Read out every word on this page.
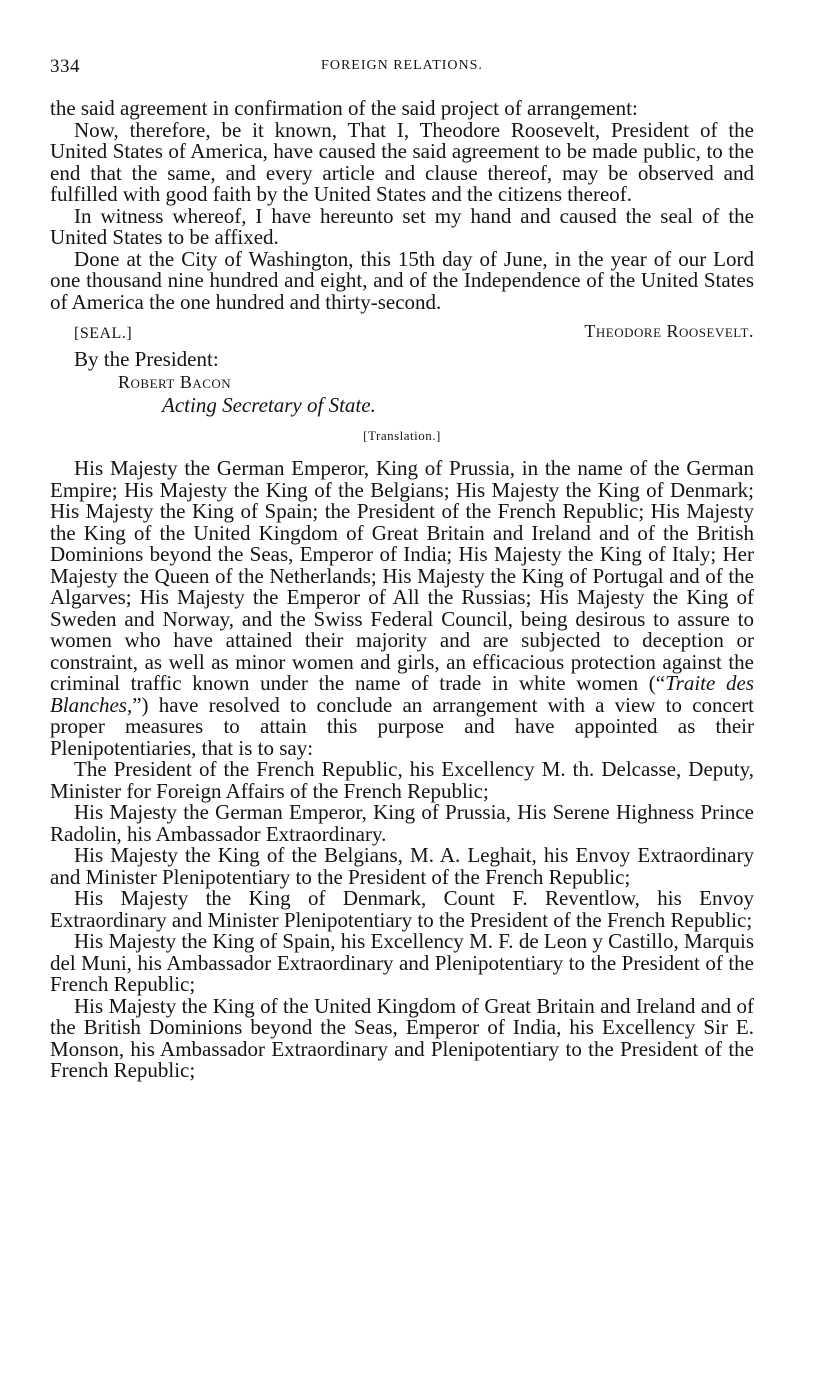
334	FOREIGN RELATIONS.

the said agreement in confirmation of the said project of arrangement:

Now, therefore, be it known, That I, Theodore Roosevelt, President of the United States of America, have caused the said agreement to be made public, to the end that the same, and every article and clause thereof, may be observed and fulfilled with good faith by the United States and the citizens thereof.

In witness whereof, I have hereunto set my hand and caused the seal of the United States to be affixed.

Done at the City of Washington, this 15th day of June, in the year of our Lord one thousand nine hundred and eight, and of the Independence of the United States of America the one hundred and thirty-second.

[SEAL.]	Theodore Roosevelt.
By the President:
Robert Bacon
Acting Secretary of State.
[Translation.]

His Majesty the German Emperor, King of Prussia, in the name of the German Empire; His Majesty the King of the Belgians; His Majesty the King of Denmark; His Majesty the King of Spain; the President of the French Republic; His Majesty the King of the United Kingdom of Great Britain and Ireland and of the British Dominions beyond the Seas, Emperor of India; His Majesty the King of Italy; Her Majesty the Queen of the Netherlands; His Majesty the King of Portugal and of the Algarves; His Majesty the Emperor of All the Russias; His Majesty the King of Sweden and Norway, and the Swiss Federal Council, being desirous to assure to women who have attained their majority and are subjected to deception or constraint, as well as minor women and girls, an efficacious protection against the criminal traffic known under the name of trade in white women (“Traite des Blanches,”) have resolved to conclude an arrangement with a view to concert proper measures to attain this purpose and have appointed as their Plenipotentiaries, that is to say:

The President of the French Republic, his Excellency M. th. Delcasse, Deputy, Minister for Foreign Affairs of the French Republic;

His Majesty the German Emperor, King of Prussia, His Serene Highness Prince Radolin, his Ambassador Extraordinary.

His Majesty the King of the Belgians, M. A. Leghait, his Envoy Extraordinary and Minister Plenipotentiary to the President of the French Republic;

His Majesty the King of Denmark, Count F. Reventlow, his Envoy Extraordinary and Minister Plenipotentiary to the President of the French Republic;

His Majesty the King of Spain, his Excellency M. F. de Leon y Castillo, Marquis del Muni, his Ambassador Extraordinary and Plenipotentiary to the President of the French Republic;

His Majesty the King of the United Kingdom of Great Britain and Ireland and of the British Dominions beyond the Seas, Emperor of India, his Excellency Sir E. Monson, his Ambassador Extraordinary and Plenipotentiary to the President of the French Republic;
